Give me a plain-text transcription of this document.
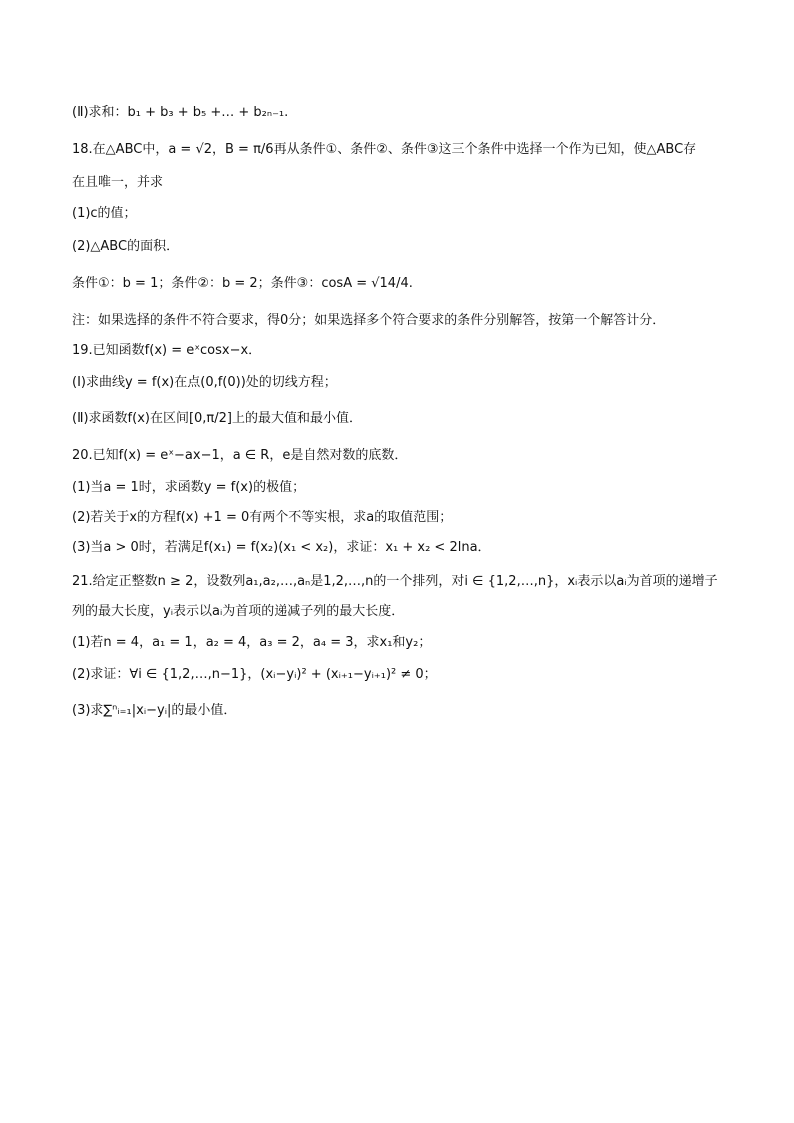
(Ⅱ)求和：b₁ + b₃ + b₅ +… + b₂ₙ₋₁.
18.在△ABC中，a = √2，B = π/6再从条件①、条件②、条件③这三个条件中选择一个作为已知，使△ABC存
在且唯一，并求
(1)c的值；
(2)△ABC的面积．
条件①：b = 1；条件②：b = 2；条件③：cosA = √14/4.
注：如果选择的条件不符合要求，得0分；如果选择多个符合要求的条件分别解答，按第一个解答计分．
19.已知函数f(x) = eˣcosx−x．
(Ⅰ)求曲线y = f(x)在点(0,f(0))处的切线方程；
(Ⅱ)求函数f(x)在区间[0,π/2]上的最大值和最小值．
20.已知f(x) = eˣ−ax−1，a ∈ R，e是自然对数的底数．
(1)当a = 1时，求函数y = f(x)的极值；
(2)若关于x的方程f(x) +1 = 0有两个不等实根，求a的取值范围；
(3)当a > 0时，若满足f(x₁) = f(x₂)(x₁ < x₂)，求证：x₁ + x₂ < 2lna．
21.给定正整数n ≥ 2，设数列a₁,a₂,…,aₙ是1,2,…,n的一个排列，对i ∈ {1,2,…,n}，xᵢ表示以aᵢ为首项的递增子
列的最大长度，yᵢ表示以aᵢ为首项的递减子列的最大长度．
(1)若n = 4，a₁ = 1，a₂ = 4，a₃ = 2，a₄ = 3，求x₁和y₂；
(2)求证：∀i ∈ {1,2,…,n−1}，(xᵢ−yᵢ)² + (xᵢ₊₁−yᵢ₊₁)² ≠ 0；
(3)求∑ⁿᵢ₌₁|xᵢ−yᵢ|的最小值．
